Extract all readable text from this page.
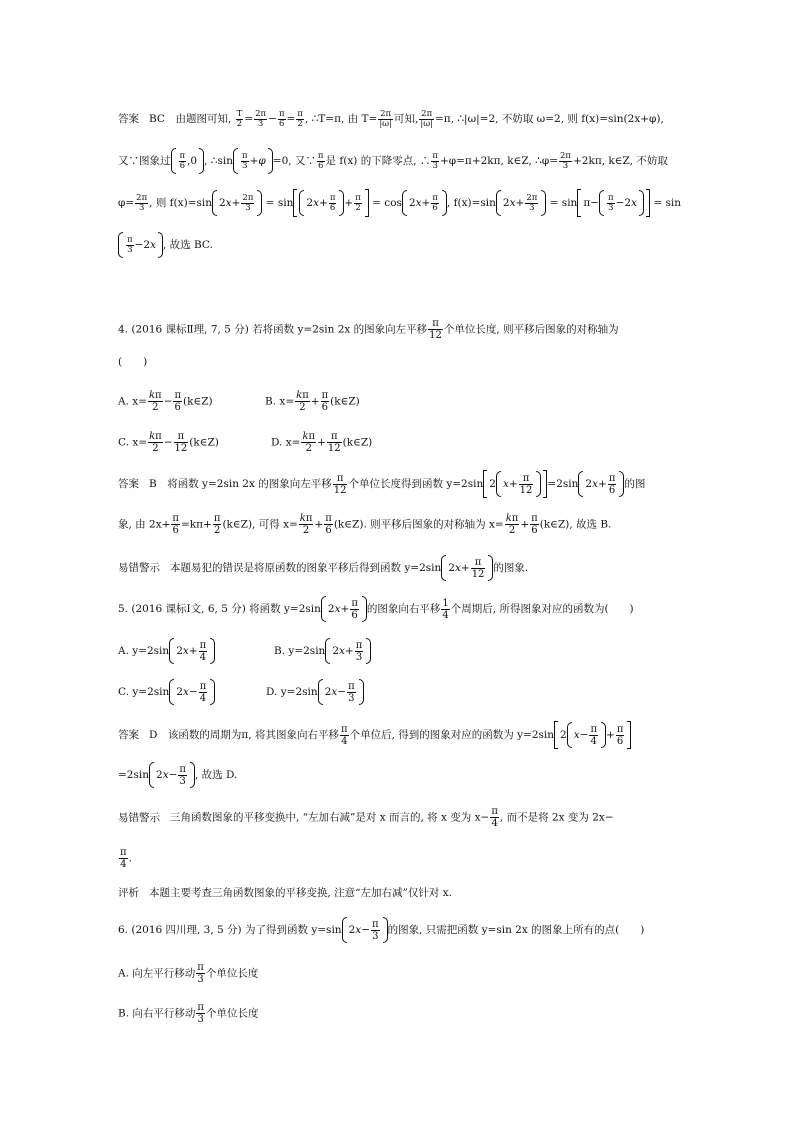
答案 BC　 由题图可知, $\frac{T}{2} = \frac{2\pi}{3} - \frac{\pi}{6} = \frac{\pi}{2}$ , ∴T=π, 由 $T= \frac{2\pi}{|\omega|}$ 可知, $\frac{2\pi}{|\omega|} =\pi$, ∴|ω|=2, 不妨取 ω=2, 则 f(x)=sin(2x+φ),
又∵图象过 π
6 ,0 , ∴sin π
3 + φ =0, 又∵ $\frac{\pi}{6}$ 是 f(x) 的下降零点, ∴ $\frac{\pi}{3} +\varphi=\pi+2k\pi$, k∈Z, ∴φ= $\frac{2\pi}{3} +2k\pi$, k∈Z, 不妨取
$\varphi= \frac{2\pi}{3}$ , 则 f(x)=sin 2 x + 2π
3	= sin 2 x + π
6 + π
2 = cos 2 x + π
6 , f(x)=sin 2 x + 2π
3	= sin π− π
3 −2 x = sin
π
3 −2 x , 故选 BC.
4. (2016 课标Ⅱ理, 7, 5 分) 若将函数 y=2sin 2x 的图象向左平移 $\frac{\pi}{12}$ 个单位长度, 则平移后图象的对称轴为
(　　)
A. $x= \frac{k\pi}{2} - \frac{\pi}{6}$ (k∈Z)	B. $x= \frac{k\pi}{2} + \frac{\pi}{6}$ (k∈Z)
C. $x= \frac{k\pi}{2} - \frac{\pi}{12}$ (k∈Z)	D. $x= \frac{k\pi}{2} + \frac{\pi}{12}$ (k∈Z)
答案 B　将函数 y=2sin 2x 的图象向左平移 $\frac{\pi}{12}$ 个单位长度得到函数 y=2sin 2 x + π
12 =2sin 2 x + π
6 的图
象, 由 $2x+ \frac{\pi}{6} =k\pi+ \frac{\pi}{2}$ (k∈Z), 可得 $x= \frac{k\pi}{2} + \frac{\pi}{6}$ (k∈Z). 则平移后图象的对称轴为 $x= \frac{k\pi}{2} + \frac{\pi}{6}$ (k∈Z), 故选 B.
易错警示 本题易犯的错误是将原函数的图象平移后得到函数 y=2sin 2 x + π
12 的图象.
5. (2016 课标Ⅰ文, 6, 5 分) 将函数 y=2sin 2 x + π
6 的图象向右平移 $\frac{1}{4}$ 个周期后, 所得图象对应的函数为(　　)
A. y=2sin 2 x + π
4	B. y=2sin 2 x + π
3
C. y=2sin 2 x − π
4	D. y=2sin 2 x − π
3
答案 D　该函数的周期为π, 将其图象向右平移 $\frac{\pi}{4}$ 个单位后, 得到的图象对应的函数为 y=2sin 2 x − π
4 + π
6
=2sin 2 x − π
3 , 故选 D.
易错警示 三角函数图象的平移变换中, “左加右减”是对 x 而言的, 将 x 变为 $x- \frac{\pi}{4}$ , 而不是将 2x 变为 2x−
$\frac{\pi}{4}$ .
评析 本题主要考查三角函数图象的平移变换, 注意“左加右减”仅针对 x.
6. (2016 四川理, 3, 5 分) 为了得到函数 y=sin 2 x − π
3 的图象, 只需把函数 y=sin 2x 的图象上所有的点(　　)
A. 向左平行移动 $\frac{\pi}{3}$ 个单位长度
B. 向右平行移动 $\frac{\pi}{3}$ 个单位长度
